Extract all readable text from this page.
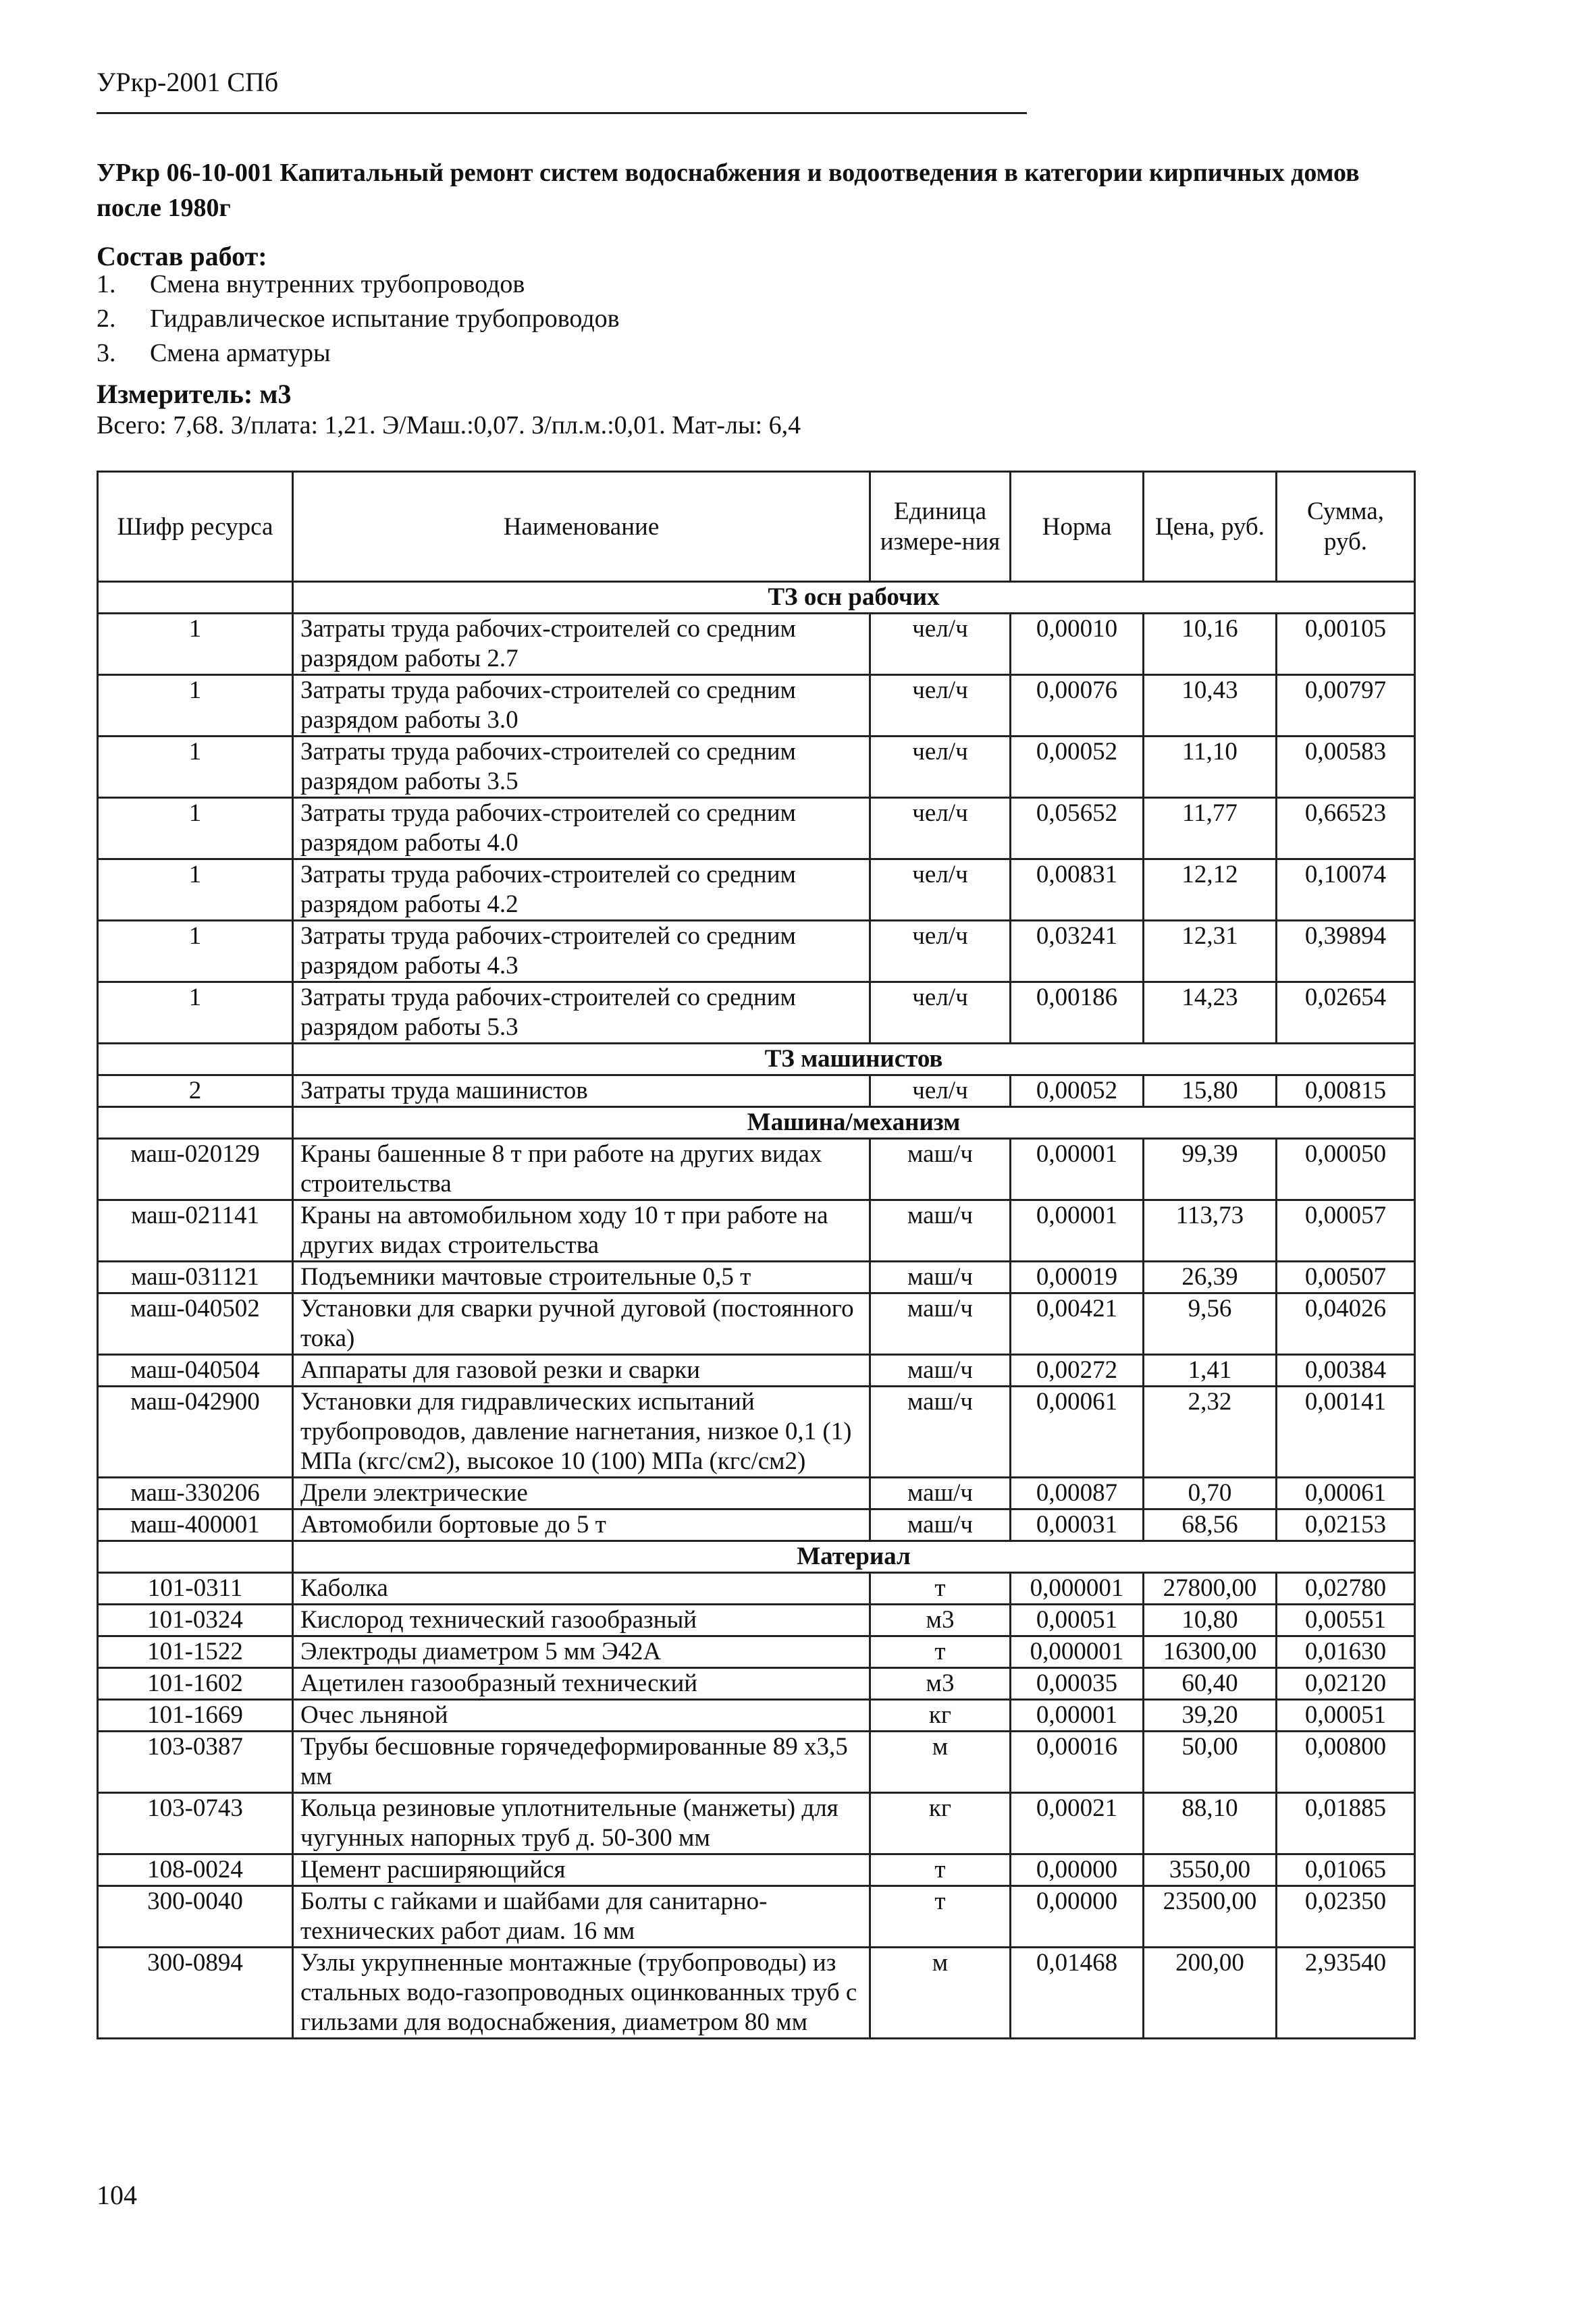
УРкр-2001 СПб
УРкр 06-10-001 Капитальный ремонт систем водоснабжения и водоотведения в категории кирпичных домов после 1980г
Состав работ:
1.	Смена внутренних трубопроводов
2.	Гидравлическое испытание трубопроводов
3.	Смена арматуры
Измеритель: м3
Всего: 7,68. З/плата: 1,21. Э/Маш.:0,07. З/пл.м.:0,01. Мат-лы: 6,4
Шифр ресурса	Наименование	Единица измере-ния	Норма	Цена, руб.	Сумма, руб.
	ТЗ осн рабочих				
1	Затраты труда рабочих-строителей со средним разрядом работы 2.7	чел/ч	0,00010	10,16	0,00105
1	Затраты труда рабочих-строителей со средним разрядом работы 3.0	чел/ч	0,00076	10,43	0,00797
1	Затраты труда рабочих-строителей со средним разрядом работы 3.5	чел/ч	0,00052	11,10	0,00583
1	Затраты труда рабочих-строителей со средним разрядом работы 4.0	чел/ч	0,05652	11,77	0,66523
1	Затраты труда рабочих-строителей со средним разрядом работы 4.2	чел/ч	0,00831	12,12	0,10074
1	Затраты труда рабочих-строителей со средним разрядом работы 4.3	чел/ч	0,03241	12,31	0,39894
1	Затраты труда рабочих-строителей со средним разрядом работы 5.3	чел/ч	0,00186	14,23	0,02654
	ТЗ машинистов				
2	Затраты труда машинистов	чел/ч	0,00052	15,80	0,00815
	Машина/механизм				
маш-020129	Краны башенные 8 т при работе на других видах строительства	маш/ч	0,00001	99,39	0,00050
маш-021141	Краны на автомобильном ходу 10 т при работе на других видах строительства	маш/ч	0,00001	113,73	0,00057
маш-031121	Подъемники мачтовые строительные 0,5 т	маш/ч	0,00019	26,39	0,00507
маш-040502	Установки для сварки ручной дуговой (постоянного тока)	маш/ч	0,00421	9,56	0,04026
маш-040504	Аппараты для газовой резки и сварки	маш/ч	0,00272	1,41	0,00384
маш-042900	Установки для гидравлических испытаний трубопроводов, давление нагнетания, низкое 0,1 (1) МПа (кгс/см2), высокое 10 (100) МПа (кгс/см2)	маш/ч	0,00061	2,32	0,00141
маш-330206	Дрели электрические	маш/ч	0,00087	0,70	0,00061
маш-400001	Автомобили бортовые до 5 т	маш/ч	0,00031	68,56	0,02153
	Материал				
101-0311	Каболка	т	0,000001	27800,00	0,02780
101-0324	Кислород технический газообразный	м3	0,00051	10,80	0,00551
101-1522	Электроды диаметром 5 мм Э42А	т	0,000001	16300,00	0,01630
101-1602	Ацетилен газообразный технический	м3	0,00035	60,40	0,02120
101-1669	Очес льняной	кг	0,00001	39,20	0,00051
103-0387	Трубы бесшовные горячедеформированные 89 х3,5 мм	м	0,00016	50,00	0,00800
103-0743	Кольца резиновые уплотнительные (манжеты) для чугунных напорных труб д. 50-300 мм	кг	0,00021	88,10	0,01885
108-0024	Цемент расширяющийся	т	0,00000	3550,00	0,01065
300-0040	Болты с гайками и шайбами для санитарно-технических работ диам. 16 мм	т	0,00000	23500,00	0,02350
300-0894	Узлы укрупненные монтажные (трубопроводы) из стальных водо-газопроводных оцинкованных труб с гильзами для водоснабжения, диаметром 80 мм	м	0,01468	200,00	2,93540
104
